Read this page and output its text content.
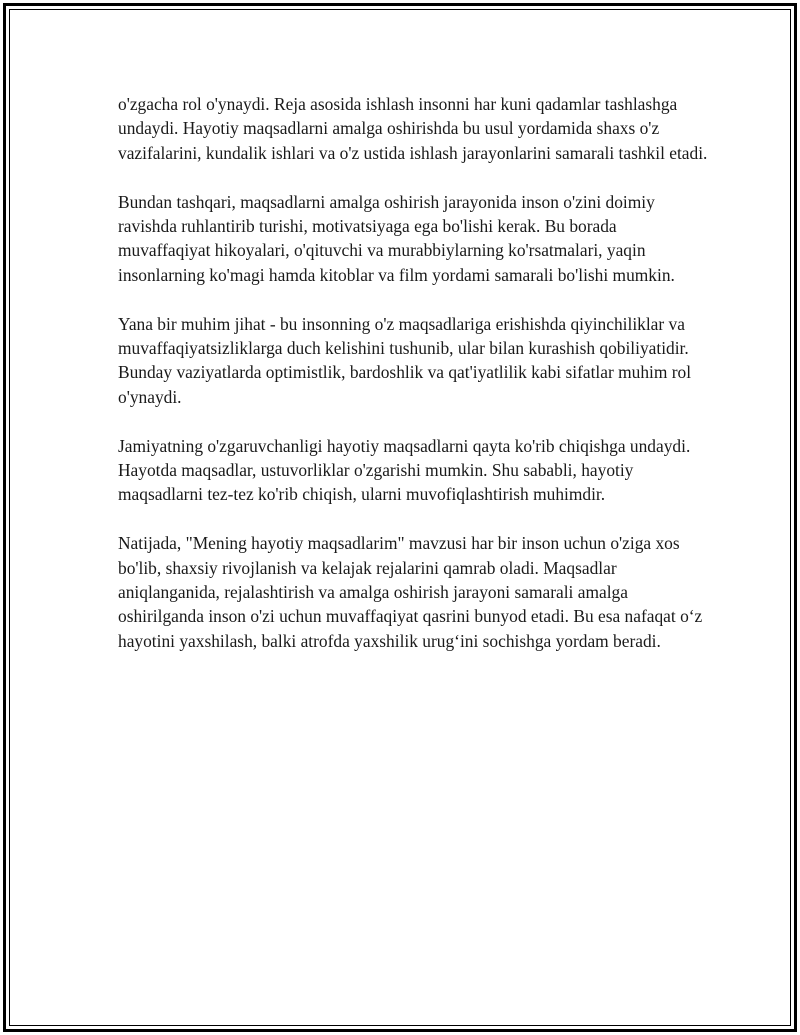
o'zgacha rol o'ynaydi. Reja asosida ishlash insonni har kuni qadamlar tashlashga undaydi. Hayotiy maqsadlarni amalga oshirishda bu usul yordamida shaxs o'z vazifalarini, kundalik ishlari va o'z ustida ishlash jarayonlarini samarali tashkil etadi.

Bundan tashqari, maqsadlarni amalga oshirish jarayonida inson o'zini doimiy ravishda ruhlantirib turishi, motivatsiyaga ega bo'lishi kerak. Bu borada muvaffaqiyat hikoyalari, o'qituvchi va murabbiylarning ko'rsatmalari, yaqin insonlarning ko'magi hamda kitoblar va film yordami samarali bo'lishi mumkin.

Yana bir muhim jihat - bu insonning o'z maqsadlariga erishishda qiyinchiliklar va muvaffaqiyatsizliklarga duch kelishini tushunib, ular bilan kurashish qobiliyatidir. Bunday vaziyatlarda optimistlik, bardoshlik va qat'iyatlilik kabi sifatlar muhim rol o'ynaydi.

Jamiyatning o'zgaruvchanligi hayotiy maqsadlarni qayta ko'rib chiqishga undaydi. Hayotda maqsadlar, ustuvorliklar o'zgarishi mumkin. Shu sababli, hayotiy maqsadlarni tez-tez ko'rib chiqish, ularni muvofiqlashtirish muhimdir.

Natijada, "Mening hayotiy maqsadlarim" mavzusi har bir inson uchun o'ziga xos bo'lib, shaxsiy rivojlanish va kelajak rejalarini qamrab oladi. Maqsadlar aniqlanganida, rejalashtirish va amalga oshirish jarayoni samarali amalga oshirilganda inson o'zi uchun muvaffaqiyat qasrini bunyod etadi. Bu esa nafaqat o‘z hayotini yaxshilash, balki atrofda yaxshilik urug‘ini sochishga yordam beradi.
